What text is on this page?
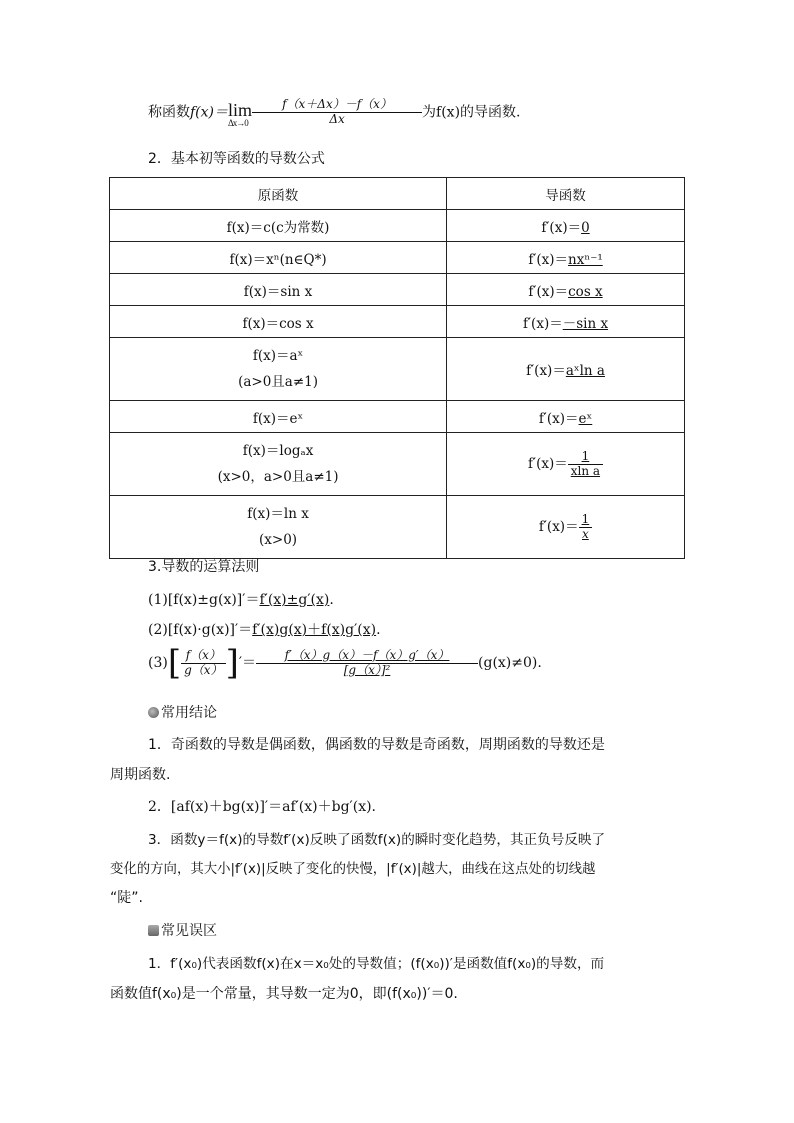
称函数f(x)＝lim
$\Delta x\to 0 \frac{f(x+\Delta x)-f(x)}{\Delta x}$ 为f(x)的导函数.
2．基本初等函数的导数公式
原函数	导函数
f(x)＝c(c为常数)	f′(x)＝0
f(x)＝xⁿ(n∈Q*)	f′(x)＝nxⁿ⁻¹
f(x)＝sin x	f′(x)＝cos x
f(x)＝cos x	f′(x)＝－sin x

f(x)＝aˣ
(a>0且a≠1)	f′(x)＝aˣln a
f(x)＝eˣ	f′(x)＝eˣ

f(x)＝logₐx
(x>0，a>0且a≠1)	$f'(x)= \frac{1}{\text{xln a}}$

f(x)＝ln x
(x>0)	$f'(x)= \frac{1}{x}$
3.导数的运算法则
(1)[f(x)±g(x)]′＝f′(x)±g′(x).
(2)[f(x)·g(x)]′＝f′(x)g(x)＋f(x)g′(x).
$(3)[ \frac{f(x)}{g(x)}$ ]′＝ $\frac{f'(x)g(x)-f(x)g'(x)}{\text{[g（x）]²}} (g(x)\ne 0)$.
常用结论
1．奇函数的导数是偶函数，偶函数的导数是奇函数，周期函数的导数还是
周期函数.
2．[af(x)＋bg(x)]′＝af′(x)＋bg′(x).
3．函数y＝f(x)的导数f′(x)反映了函数f(x)的瞬时变化趋势，其正负号反映了
变化的方向，其大小|f′(x)|反映了变化的快慢，|f′(x)|越大，曲线在这点处的切线越
“陡”.
常见误区
1．f′(x₀)代表函数f(x)在x＝x₀处的导数值；(f(x₀))′是函数值f(x₀)的导数，而
函数值f(x₀)是一个常量，其导数一定为0，即(f(x₀))′＝0.
